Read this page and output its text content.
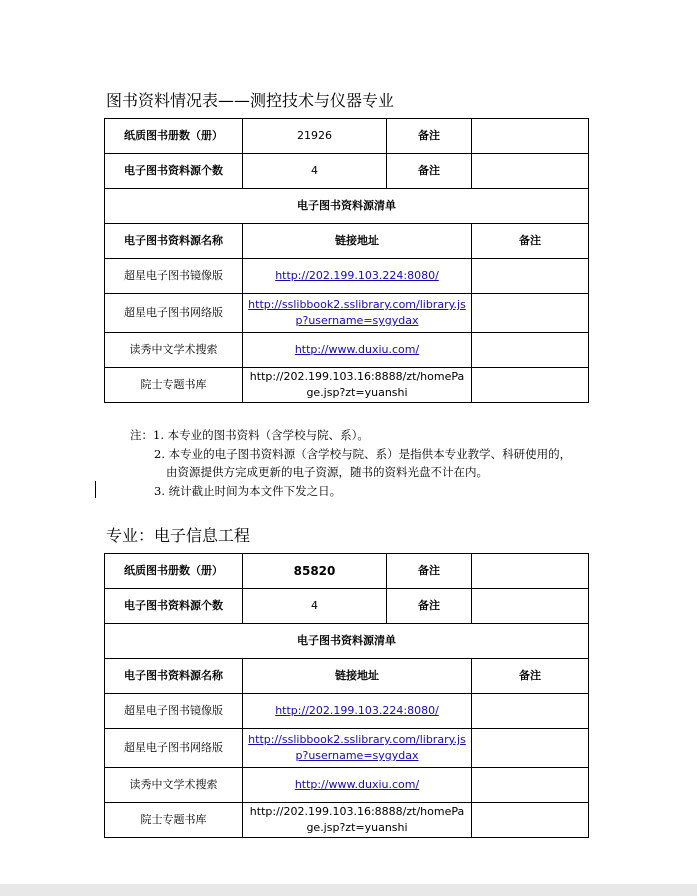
图书资料情况表——测控技术与仪器专业
纸质图书册数（册）	21926	备注	
电子图书资料源个数	4	备注	
电子图书资料源清单			
电子图书资料源名称	链接地址		备注
超星电子图书镜像版	http://202.199.103.224:8080/		
超星电子图书网络版	http://sslibbook2.sslibrary.com/library.jsp?username=sygydax		
读秀中文学术搜索	http://www.duxiu.com/		
院士专题书库	http://202.199.103.16:8888/zt/homePage.jsp?zt=yuanshi		
注：1. 本专业的图书资料（含学校与院、系）。
2. 本专业的电子图书资料源（含学校与院、系）是指供本专业教学、科研使用的，
由资源提供方完成更新的电子资源，随书的资料光盘不计在内。
3. 统计截止时间为本文件下发之日。
专业：电子信息工程
纸质图书册数（册）	85820	备注	
电子图书资料源个数	4	备注	
电子图书资料源清单			
电子图书资料源名称	链接地址		备注
超星电子图书镜像版	http://202.199.103.224:8080/		
超星电子图书网络版	http://sslibbook2.sslibrary.com/library.jsp?username=sygydax		
读秀中文学术搜索	http://www.duxiu.com/		
院士专题书库	http://202.199.103.16:8888/zt/homePage.jsp?zt=yuanshi		
